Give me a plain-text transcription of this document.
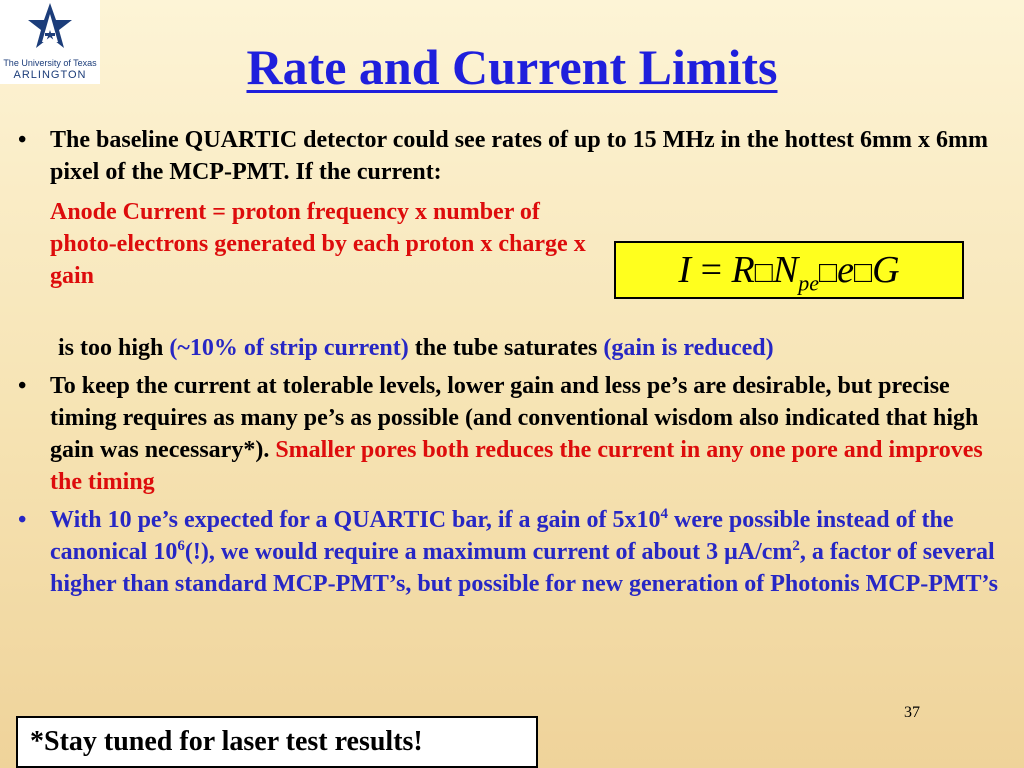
The University of Texas
ARLINGTON	Rate and Current Limits
• The baseline QUARTIC detector could see rates of up to 15 MHz in the hottest 6mm x 6mm pixel of the MCP-PMT. If the current:
Anode Current = proton frequency x number of photo-electrons generated by each proton x charge x gain
is too high (~10% of strip current) the tube saturates (gain is reduced)
• To keep the current at tolerable levels, lower gain and less pe’s are desirable, but precise timing requires as many pe’s as possible (and conventional wisdom also indicated that high gain was necessary*). Smaller pores both reduces the current in any one pore and improves the timing
• With 10 pe’s expected for a QUARTIC bar, if a gain of $5x10^4$ were possible instead of the canonical $10^6(!)$, we would require a maximum current of about 3 $\mu A/cm^2$, a factor of several higher than standard MCP-PMT’s, but possible for new generation of Photonis MCP-PMT’s
$I = R□N_{pe}□e□G$
37
*Stay tuned for laser test results!
